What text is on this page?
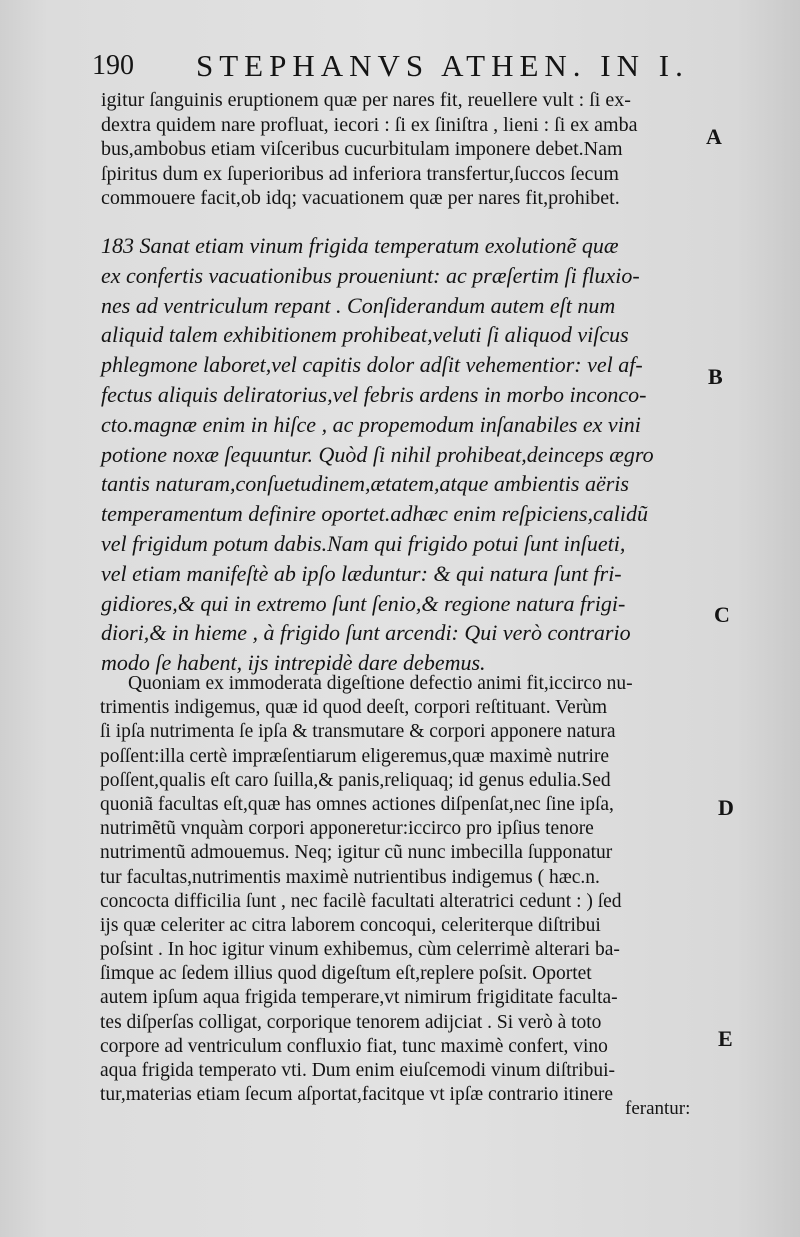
190 STEPHANVS ATHEN. IN I.
igitur ſanguinis eruptionem quæ per nares fit, reuellere vult : ſi ex-
dextra quidem nare profluat, iecori : ſi ex ſiniſtra , lieni : ſi ex amba
bus,ambobus etiam viſceribus cucurbitulam imponere debet.Nam
ſpiritus dum ex ſuperioribus ad inferiora transfertur,ſuccos ſecum
commouere facit,ob idq; vacuationem quæ per nares fit,prohibet.
183 Sanat etiam vinum frigida temperatum exolutionẽ quæ
ex confertis vacuationibus proueniunt: ac præſertim ſi fluxio-
nes ad ventriculum repant . Conſiderandum autem eſt num
aliquid talem exhibitionem prohibeat,veluti ſi aliquod viſcus
phlegmone laboret,vel capitis dolor adſit vehementior: vel af-
fectus aliquis deliratorius,vel febris ardens in morbo inconco-
cto.magnæ enim in hiſce , ac propemodum inſanabiles ex vini
potione noxæ ſequuntur. Quòd ſi nihil prohibeat,deinceps ægro
tantis naturam,conſuetudinem,ætatem,atque ambientis aëris
temperamentum definire oportet.adhæc enim reſpiciens,calidũ
vel frigidum potum dabis.Nam qui frigido potui ſunt inſueti,
vel etiam manifeſtè ab ipſo læduntur: & qui natura ſunt fri-
gidiores,& qui in extremo ſunt ſenio,& regione natura frigi-
diori,& in hieme , à frigido ſunt arcendi: Qui verò contrario
modo ſe habent, ijs intrepidè dare debemus.
Quoniam ex immoderata digeſtione defectio animi fit,iccirco nu-
trimentis indigemus, quæ id quod deeſt, corpori reſtituant. Verùm
ſi ipſa nutrimenta ſe ipſa & transmutare & corpori apponere natura
poſſent:illa certè impræſentiarum eligeremus,quæ maximè nutrire
poſſent,qualis eſt caro ſuilla,& panis,reliquaq; id genus edulia.Sed
quoniã facultas eſt,quæ has omnes actiones diſpenſat,nec ſine ipſa,
nutrimẽtũ vnquàm corpori apponeretur:iccirco pro ipſius tenore
nutrimentũ admouemus. Neq; igitur cũ nunc imbecilla ſupponatur
tur facultas,nutrimentis maximè nutrientibus indigemus ( hæc.n.
concocta difficilia ſunt , nec facilè facultati alteratrici cedunt : ) ſed
ijs quæ celeriter ac citra laborem concoqui, celeriterque diſtribui
poſsint . In hoc igitur vinum exhibemus, cùm celerrimè alterari ba-
ſimque ac ſedem illius quod digeſtum eſt,replere poſsit. Oportet
autem ipſum aqua frigida temperare,vt nimirum frigiditate faculta-
tes diſperſas colligat, corporique tenorem adijciat . Si verò à toto
corpore ad ventriculum confluxio fiat, tunc maximè confert, vino
aqua frigida temperato vti. Dum enim eiuſcemodi vinum diſtribui-
tur,materias etiam ſecum aſportat,facitque vt ipſæ contrario itinere
ferantur:
A
B
C
D
E
